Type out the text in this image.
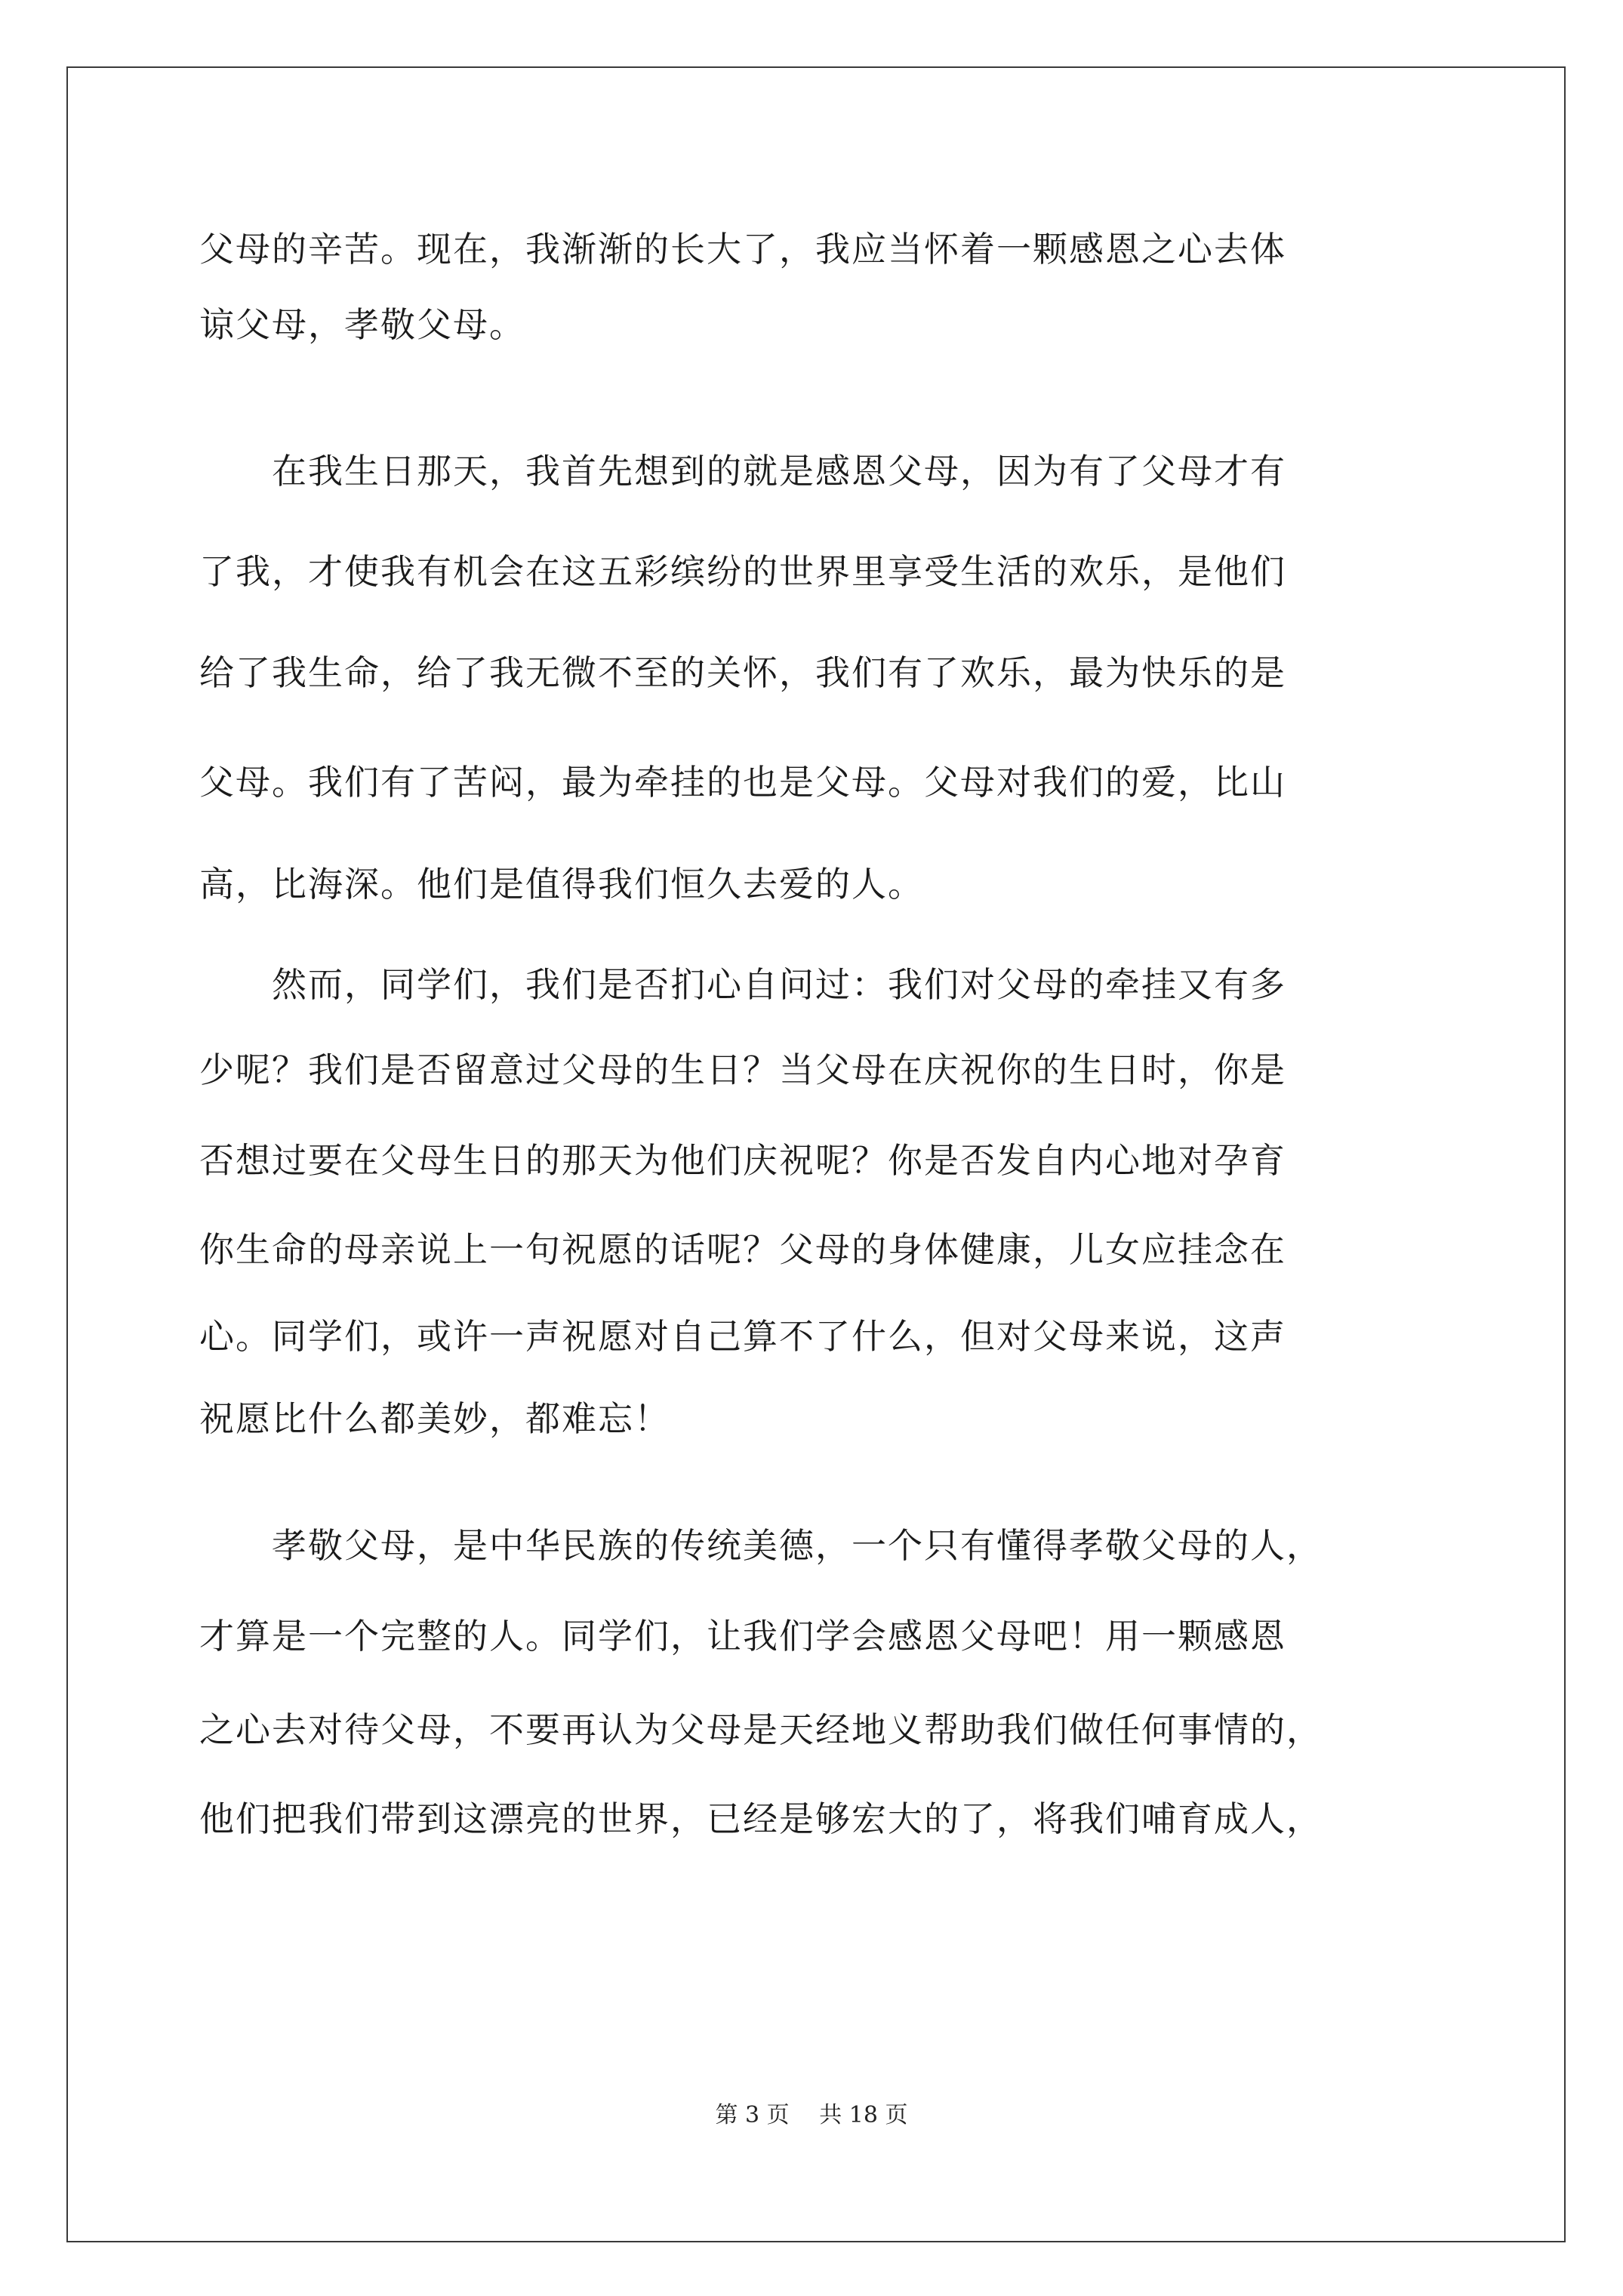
父母的辛苦。现在，我渐渐的长大了，我应当怀着一颗感恩之心去体
谅父母，孝敬父母。
　　在我生日那天，我首先想到的就是感恩父母，因为有了父母才有
了我，才使我有机会在这五彩缤纷的世界里享受生活的欢乐，是他们
给了我生命，给了我无微不至的关怀，我们有了欢乐，最为快乐的是
父母。我们有了苦闷，最为牵挂的也是父母。父母对我们的爱，比山
高，比海深。他们是值得我们恒久去爱的人。
　　然而，同学们，我们是否扪心自问过：我们对父母的牵挂又有多
少呢？我们是否留意过父母的生日？当父母在庆祝你的生日时，你是
否想过要在父母生日的那天为他们庆祝呢？你是否发自内心地对孕育
你生命的母亲说上一句祝愿的话呢？父母的身体健康，儿女应挂念在
心。同学们，或许一声祝愿对自己算不了什么，但对父母来说，这声
祝愿比什么都美妙，都难忘！
　　孝敬父母，是中华民族的传统美德，一个只有懂得孝敬父母的人，
才算是一个完整的人。同学们，让我们学会感恩父母吧！用一颗感恩
之心去对待父母，不要再认为父母是天经地义帮助我们做任何事情的，
他们把我们带到这漂亮的世界，已经是够宏大的了，将我们哺育成人，
第 3 页　 共 18 页
